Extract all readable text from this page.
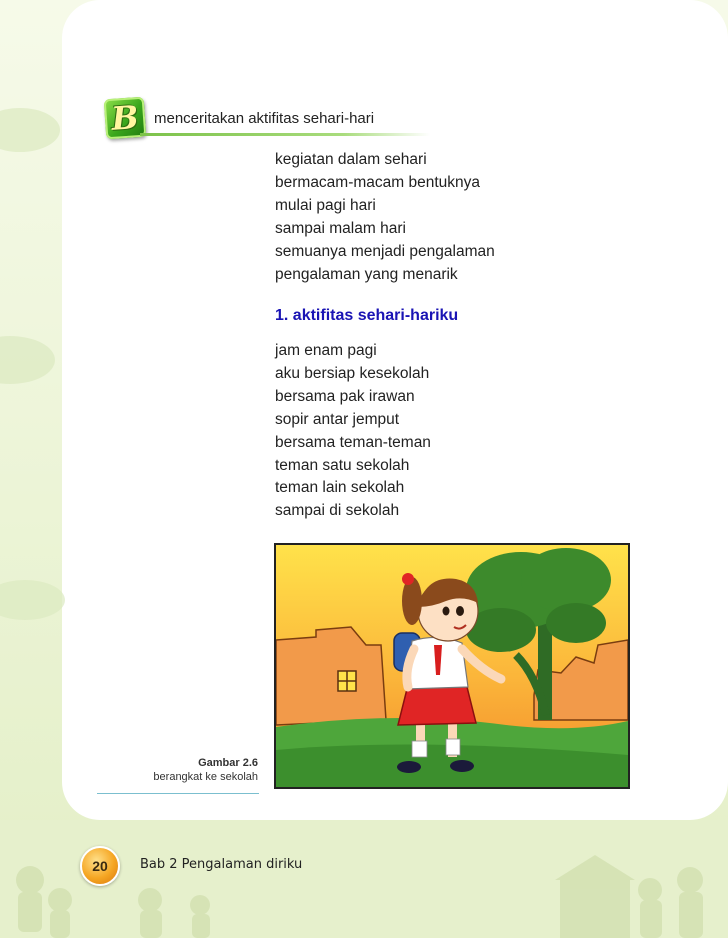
B menceritakan aktifitas sehari-hari
kegiatan dalam sehari
bermacam-macam bentuknya
mulai pagi hari
sampai malam hari
semuanya menjadi pengalaman
pengalaman yang menarik
1. aktifitas sehari-hariku
jam enam pagi
aku bersiap kesekolah
bersama pak irawan
sopir antar jemput
bersama teman-teman
teman satu sekolah
teman lain sekolah
sampai di sekolah
Gambar 2.6
berangkat ke sekolah
20	Bab 2 Pengalaman diriku
